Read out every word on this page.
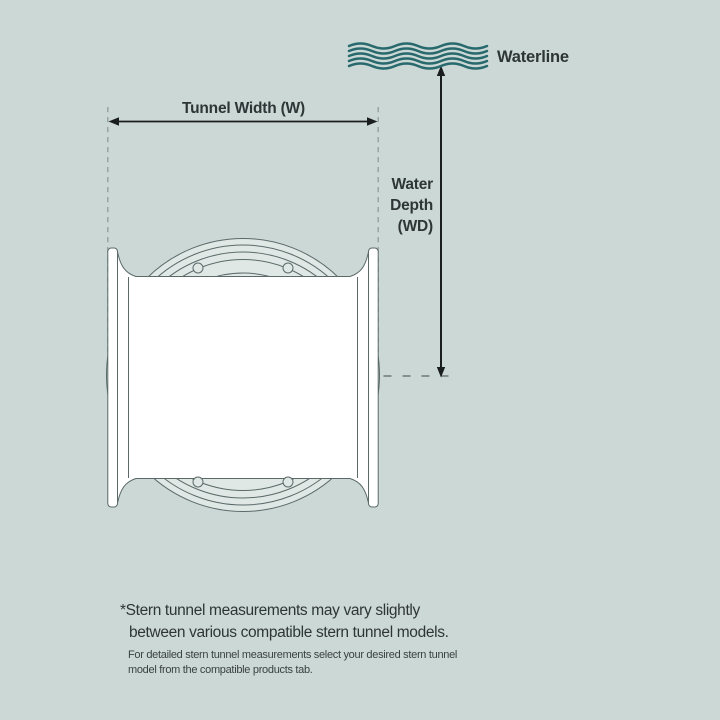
Waterline
Tunnel Width (W)
Water
Depth
(WD)
*Stern tunnel measurements may vary slightly
between various compatible stern tunnel models.
For detailed stern tunnel measurements select your desired stern tunnel
model from the compatible products tab.
